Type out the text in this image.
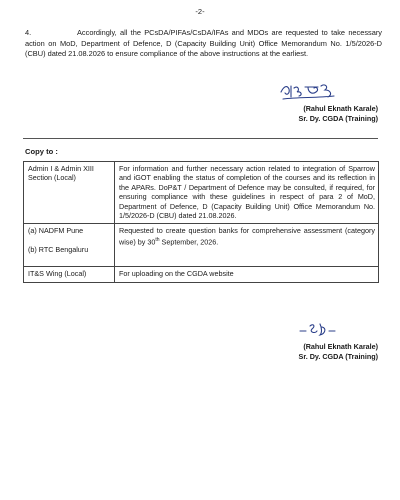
-2-
4.	Accordingly, all the PCsDA/PIFAs/CsDA/IFAs and MDOs are requested to take necessary action on MoD, Department of Defence, D (Capacity Building Unit) Office Memorandum No. 1/5/2026-D (CBU) dated 21.08.2026 to ensure compliance of the above instructions at the earliest.
(Rahul Eknath Karale)
Sr. Dy. CGDA (Training)
Copy to :
Admin I & Admin XIII Section (Local)	For information and further necessary action related to integration of Sparrow and iGOT enabling the status of completion of the courses and its reflection in the APARs. DoP&T / Department of Defence may be consulted, if required, for ensuring compliance with these guidelines in respect of para 2 of MoD, Department of Defence, D (Capacity Building Unit) Office Memorandum No. 1/5/2026-D (CBU) dated 21.08.2026.
(a) NADFM Pune
(b) RTC Bengaluru	Requested to create question banks for comprehensive assessment (category wise) by 30th September, 2026.
IT&S Wing (Local)	For uploading on the CGDA website
(Rahul Eknath Karale)
Sr. Dy. CGDA (Training)
